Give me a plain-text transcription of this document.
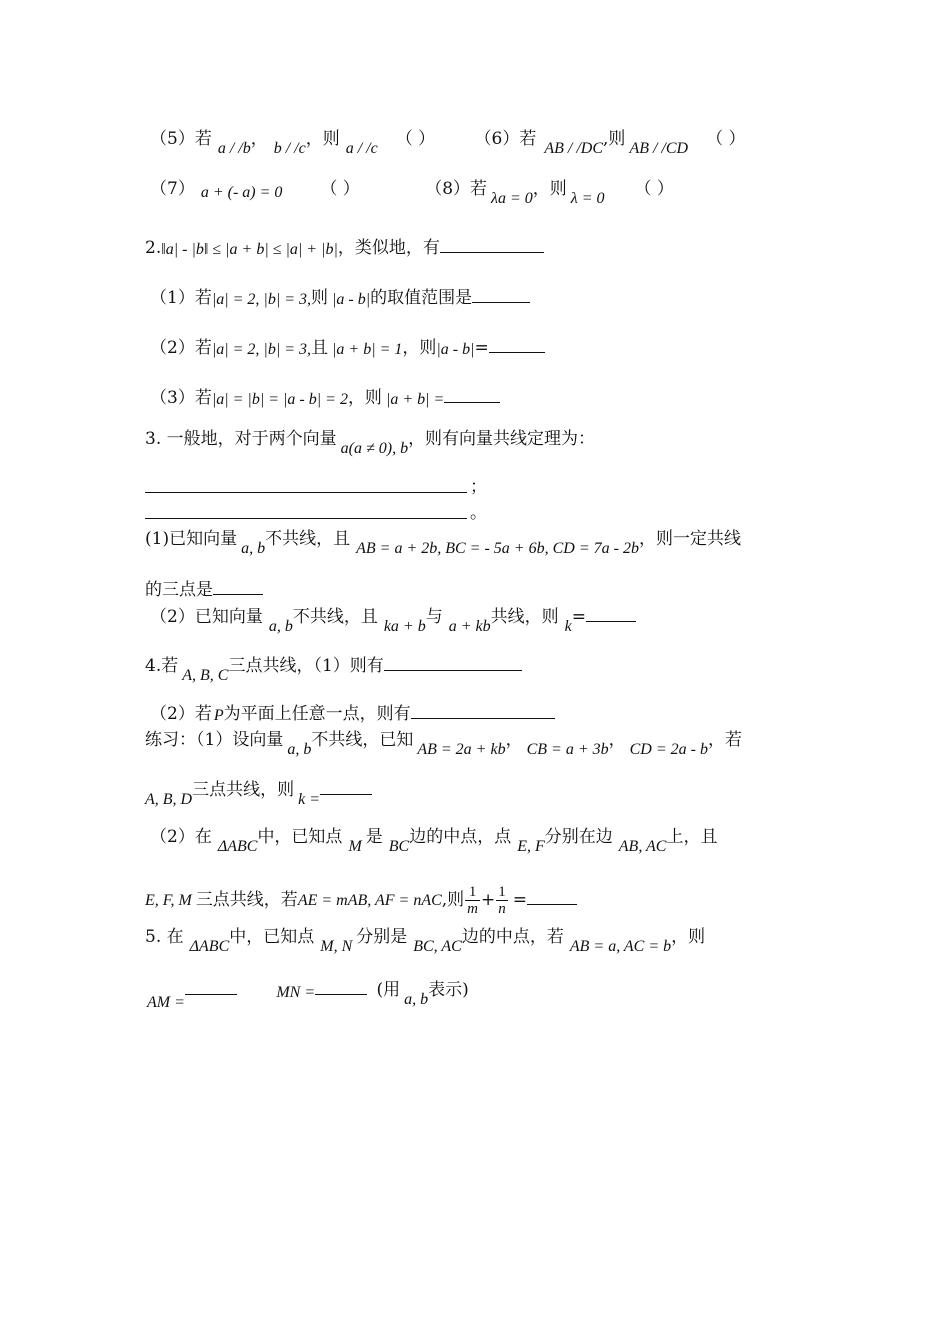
（5）若 a / /b， b / /c，则 a / /c （ ） （6）若 AB / /DC,则 AB / /CD （ ）
（7） a + (- a) = 0 （ ）	（8）若 λa = 0，则 λ = 0 （ ）
2.‖a| - |b‖ ≤ |a + b| ≤ |a| + |b|，类似地，有
（1）若|a| = 2, |b| = 3,则 |a - b|的取值范围是
（2）若|a| = 2, |b| = 3,且 |a + b| = 1，则|a - b|=
（3）若|a| = |b| = |a - b| = 2，则 |a + b| =
3. 一般地，对于两个向量 a(a ≠ 0), b，则有向量共线定理为：
；
。
(1)已知向量 a, b不共线，且 AB = a + 2b, BC = - 5a + 6b, CD = 7a - 2b，则一定共线
的三点是
（2）已知向量 a, b不共线，且 ka + b与 a + kb共线，则 k=
4.若 A, B, C三点共线，（1）则有
（2）若 P为平面上任意一点，则有
练习：（1）设向量 a, b不共线，已知 AB = 2a + kb， CB = a + 3b， CD = 2a - b，若
A, B, D三点共线，则 k =
（2）在 ΔABC中，已知点 M 是 BC边的中点，点 E, F分别在边 AB, AC上，且
E, F, M 三点共线，若AE = mAB, AF = nAC,则 $\frac{1}{m} + \frac{1}{n}$ =
5. 在 ΔABC中，已知点 M, N 分别是 BC, AC边的中点，若 AB = a, AC = b，则
AM = MN =	(用 a, b表示)
